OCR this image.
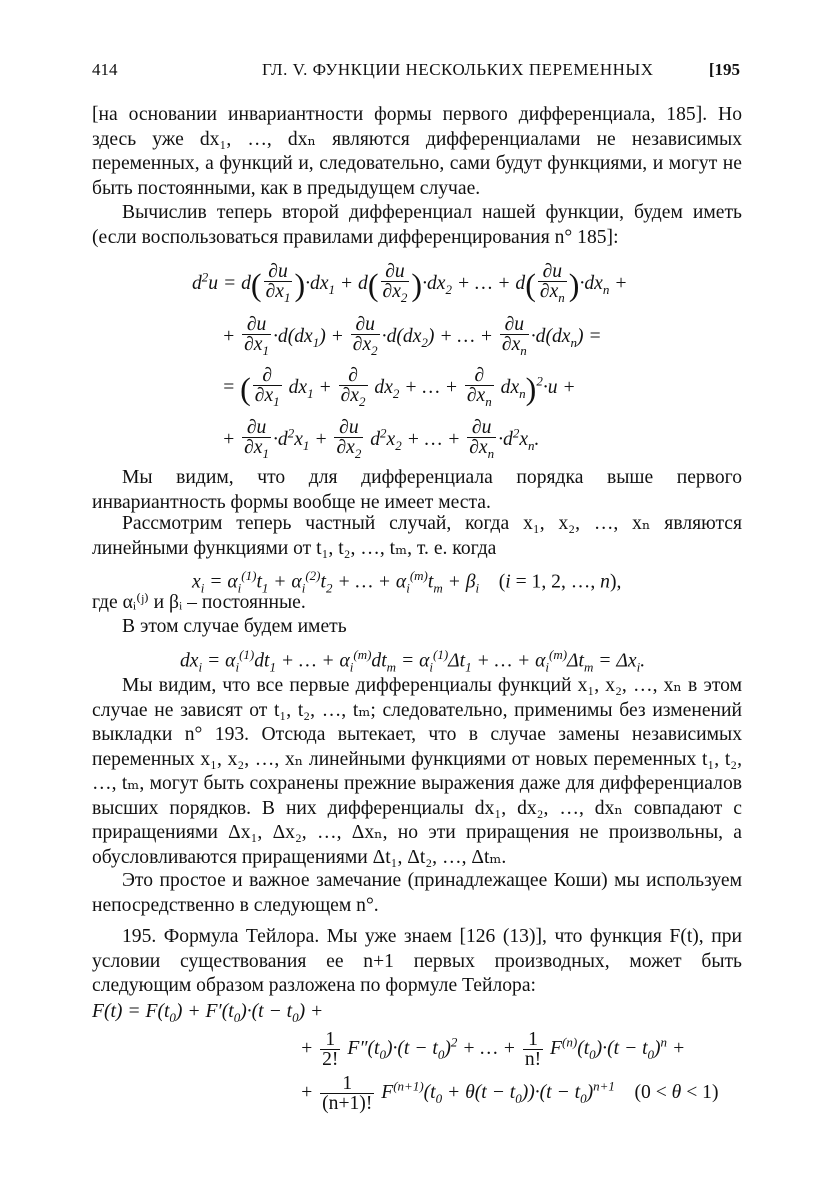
414	ГЛ. V. ФУНКЦИИ НЕСКОЛЬКИХ ПЕРЕМЕННЫХ	[195
[на основании инвариантности формы первого дифференциала, 185]. Но здесь уже dx₁, …, dxₙ являются дифференциалами не независимых переменных, а функций и, следовательно, сами будут функциями, и могут не быть постоянными, как в предыдущем случае.
Вычислив теперь второй дифференциал нашей функции, будем иметь (если воспользоваться правилами дифференцирования n° 185]:
$d^2u = d( \frac{\partial u}{\partial x_1} )\cdot dx_1 + d( \frac{\partial u}{\partial x_2} )\cdot dx_2$ + … + $d( \frac{\partial u}{\partial x_n} )\cdot dx_n$ +
+ $\frac{\partial u}{\partial x_1} \cdot d(dx_1) + \frac{\partial u}{\partial x_2} \cdot d(dx_2)$ + … + $\frac{\partial u}{\partial x_n} \cdot d(dx_n)$ =
= ( ∂
$\partial x_1$
$dx_1$ +
∂
$\partial x_2$
$dx_2$ + … +
∂
$\partial x_n$
$dx_n)^2\cdot u$ +
+ $\frac{\partial u}{\partial x_1} \cdot d^2x_1 + \frac{\partial u}{\partial x_2} d^2x_2$ + … + $\frac{\partial u}{\partial x_n} \cdot d^2x_n$.
Мы видим, что для дифференциала порядка выше первого инвариантность формы вообще не имеет места.
Рассмотрим теперь частный случай, когда x₁, x₂, …, xₙ являются линейными функциями от t₁, t₂, …, tₘ, т. е. когда
$x_i = \alpha_i^{(1)}t_1 + \alpha_i^{(2)}t_2$ + … + $\alpha_i^{(m)}t_m + \beta_i$ (i = 1, 2, …, n),
где αᵢ⁽ʲ⁾ и βᵢ – постоянные.
В этом случае будем иметь
$dx_i = \alpha_i^{(1)}dt_1$ + … + $\alpha_i^{(m)}dt_m = \alpha_i^{(1)}\Delta t_1$ + … + $\alpha_i^{(m)}\Delta t_m = \Delta x_i$.
Мы видим, что все первые дифференциалы функций x₁, x₂, …, xₙ в этом случае не зависят от t₁, t₂, …, tₘ; следовательно, применимы без изменений выкладки n° 193. Отсюда вытекает, что в случае замены независимых переменных x₁, x₂, …, xₙ линейными функциями от новых переменных t₁, t₂, …, tₘ, могут быть сохранены прежние выражения даже для дифференциалов высших порядков. В них дифференциалы dx₁, dx₂, …, dxₙ совпадают с приращениями Δx₁, Δx₂, …, Δxₙ, но эти приращения не произвольны, а обусловливаются приращениями Δt₁, Δt₂, …, Δtₘ.
Это простое и важное замечание (принадлежащее Коши) мы используем непосредственно в следующем n°.
195. Формула Тейлора. Мы уже знаем [126 (13)], что функция F(t), при условии существования ее n+1 первых производных, может быть следующим образом разложена по формуле Тейлора:
$F(t) = F(t_0) + F'(t_0)\cdot(t - t_0)$ +
+ $\frac{1}{2!} F''(t_0)\cdot(t - t_0)^2$ + … + $\frac{1}{n!} F^{(n)}(t_0)\cdot(t - t_0)^n$ +
+ $\frac{1}{(n+1)!} F^{(n+1)}(t_0 + \theta(t - t_0))\cdot(t - t_0)^{n+1}$ (0 < θ < 1)
